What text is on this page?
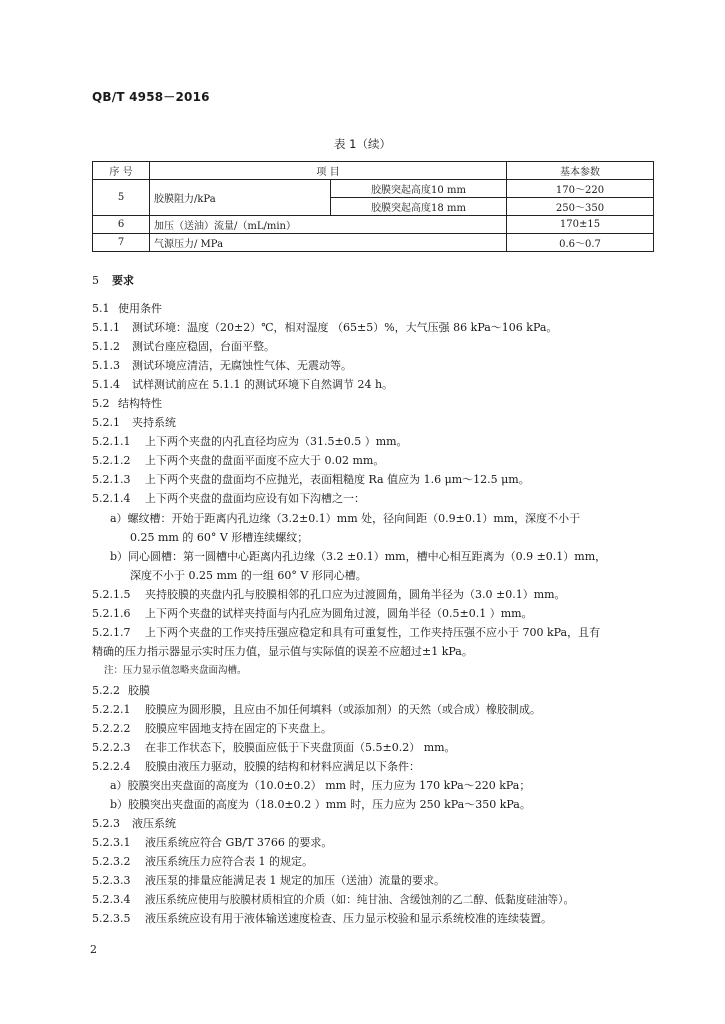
QB/T 4958－2016
表 1（续）
序 号	项 目		基本参数
5	胶膜阻力/kPa	胶膜突起高度10 mm	170～220
		胶膜突起高度18 mm	250～350
6	加压（送油）流量/（mL/min）		170±15
7	气源压力/ MPa		0.6～0.7
5 要求
5.1 使用条件
5.1.1 测试环境：温度（20±2）℃，相对湿度 （65±5）%，大气压强 86 kPa～106 kPa。
5.1.2 测试台座应稳固，台面平整。
5.1.3 测试环境应清洁，无腐蚀性气体、无震动等。
5.1.4 试样测试前应在 5.1.1 的测试环境下自然调节 24 h。
5.2 结构特性
5.2.1 夹持系统
5.2.1.1 上下两个夹盘的内孔直径均应为（31.5±0.5 ）mm。
5.2.1.2 上下两个夹盘的盘面平面度不应大于 0.02 mm。
5.2.1.3 上下两个夹盘的盘面均不应抛光，表面粗糙度 Ra 值应为 1.6 μm～12.5 μm。
5.2.1.4 上下两个夹盘的盘面均应设有如下沟槽之一：
a）螺纹槽：开始于距离内孔边缘（3.2±0.1）mm 处，径向间距（0.9±0.1）mm，深度不小于
0.25 mm 的 60° V 形槽连续螺纹；
b）同心圆槽：第一圆槽中心距离内孔边缘（3.2 ±0.1）mm，槽中心相互距离为（0.9 ±0.1）mm，
深度不小于 0.25 mm 的一组 60° V 形同心槽。
5.2.1.5 夹持胶膜的夹盘内孔与胶膜相邻的孔口应为过渡圆角，圆角半径为（3.0 ±0.1）mm。
5.2.1.6 上下两个夹盘的试样夹持面与内孔应为圆角过渡，圆角半径（0.5±0.1 ）mm。
5.2.1.7 上下两个夹盘的工作夹持压强应稳定和具有可重复性，工作夹持压强不应小于 700 kPa，且有
精确的压力指示器显示实时压力值，显示值与实际值的误差不应超过±1 kPa。
注：压力显示值忽略夹盘面沟槽。
5.2.2 胶膜
5.2.2.1 胶膜应为圆形膜，且应由不加任何填料（或添加剂）的天然（或合成）橡胶制成。
5.2.2.2 胶膜应牢固地支持在固定的下夹盘上。
5.2.2.3 在非工作状态下，胶膜面应低于下夹盘顶面（5.5±0.2） mm。
5.2.2.4 胶膜由液压力驱动，胶膜的结构和材料应满足以下条件：
a）胶膜突出夹盘面的高度为（10.0±0.2） mm 时，压力应为 170 kPa～220 kPa；
b）胶膜突出夹盘面的高度为（18.0±0.2 ）mm 时，压力应为 250 kPa～350 kPa。
5.2.3 液压系统
5.2.3.1 液压系统应符合 GB/T 3766 的要求。
5.2.3.2 液压系统压力应符合表 1 的规定。
5.2.3.3 液压泵的排量应能满足表 1 规定的加压（送油）流量的要求。
5.2.3.4 液压系统应使用与胶膜材质相宜的介质（如：纯甘油、含缓蚀剂的乙二醇、低黏度硅油等）。
5.2.3.5 液压系统应设有用于液体输送速度检查、压力显示校验和显示系统校准的连续装置。
2
